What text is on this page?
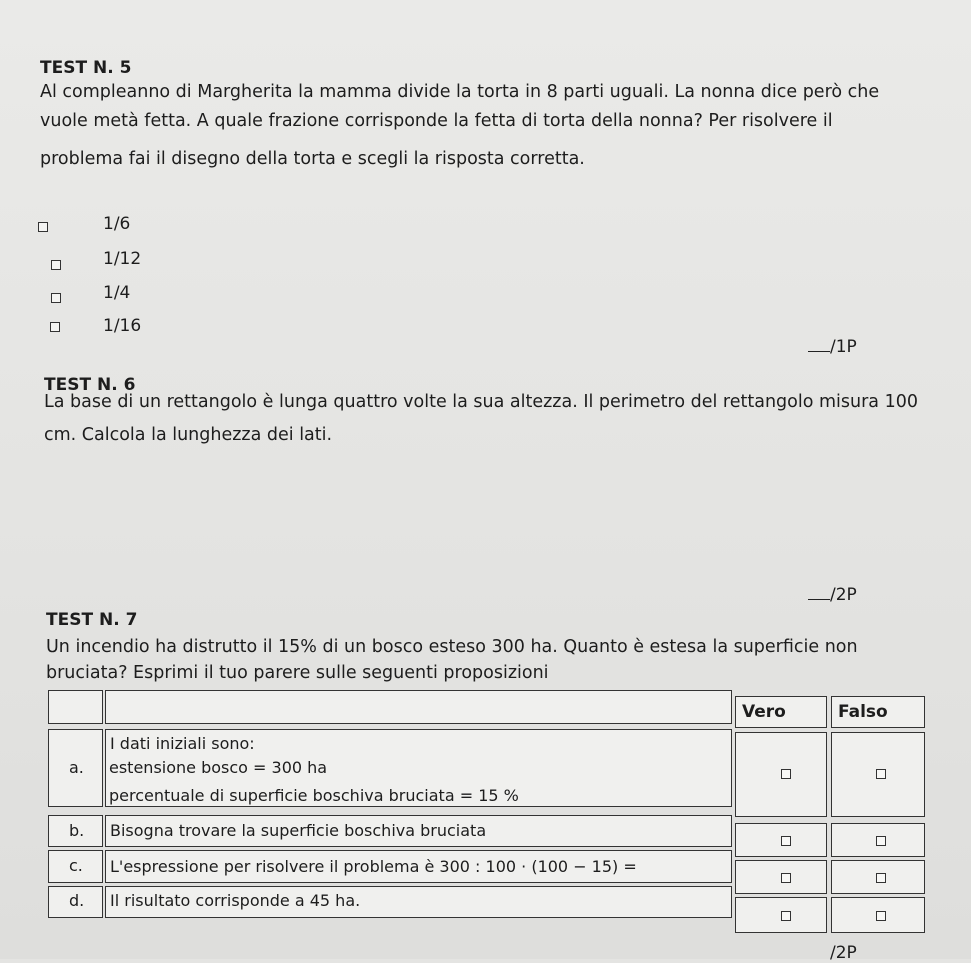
TEST N. 5
Al compleanno di Margherita la mamma divide la torta in 8 parti uguali. La nonna dice però che
vuole metà fetta. A quale frazione corrisponde la fetta di torta della nonna? Per risolvere il
problema fai il disegno della torta e scegli la risposta corretta.
1/6
1/12
1/4
1/16
/1P
TEST N. 6
La base di un rettangolo è lunga quattro volte la sua altezza. Il perimetro del rettangolo misura 100
cm. Calcola la lunghezza dei lati.
/2P
TEST N. 7
Un incendio ha distrutto il 15% di un bosco esteso 300 ha. Quanto è estesa la superficie non
bruciata? Esprimi il tuo parere sulle seguenti proposizioni
Vero	Falso
a.
I dati iniziali sono:
estensione bosco = 300 ha
percentuale di superficie boschiva bruciata = 15 %
b. Bisogna trovare la superficie boschiva bruciata
c. L'espressione per risolvere il problema è 300 : 100 · (100 − 15) =
d. Il risultato corrisponde a 45 ha.
/2P
